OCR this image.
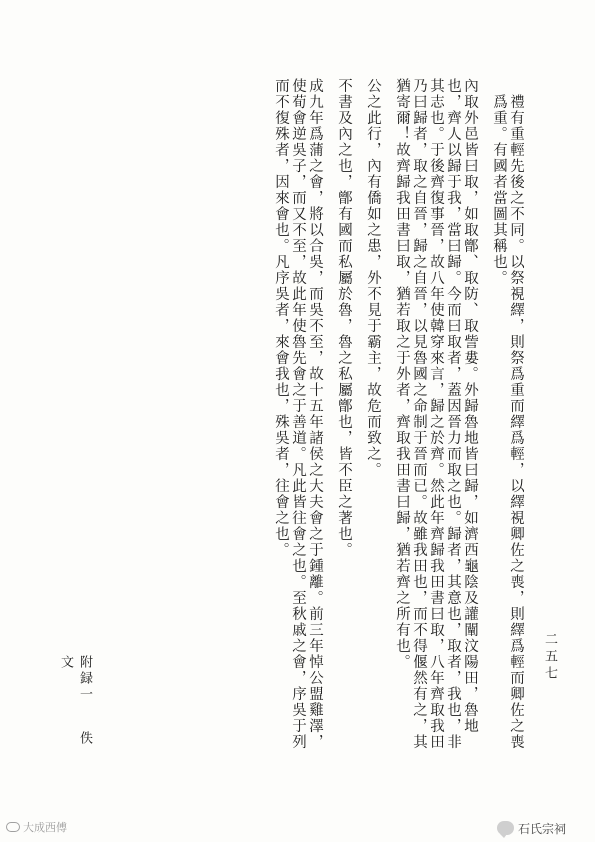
二五七

禮有重輕先後之不同。以祭視繹，則祭爲重而繹爲輕，以繹視卿佐之喪，則繹爲輕而卿佐之喪爲重。有國者當圖其稱也。

內取外邑皆曰取，如取鄫、取防、取訾婁。外歸魯地皆曰歸，如濟西龜陰及讙闡汶陽田，魯地也，齊人以歸于我，當曰歸。今而曰取者，蓋因晉力而取之也。歸者，其意也，取者，我也，非其志也。于後齊復事晉，故八年使韓穿來言，歸之於齊。然此年齊歸我田書曰取，八年齊取我田乃曰歸者，取之自晉，歸之自晉，以見魯國之命制于晉而已。故雖我田也，而不得偃然有之，其猶寄爾！故齊歸我田書曰取，猶若取之于外者，齊取我田書曰歸，猶若齊之所有也。

公之此行，內有僑如之患，外不見于霸主，故危而致之。

不書及內之也，鄫有國而私屬於魯，魯之私屬鄫也，皆不臣之著也。

成九年爲蒲之會，將以合吳，而吳不至，故十五年諸侯之大夫會之于鍾離。前三年悼公盟雞澤，使荀會逆吳子，而又不至，故此年使魯先會之于善道。凡此皆往會之也。至秋戚之會，序吳于列而不復殊者，因來會也。凡序吳者，來會我也，殊吳者，往會之也。

附録一  佚文
大成西傅	石氏宗祠
